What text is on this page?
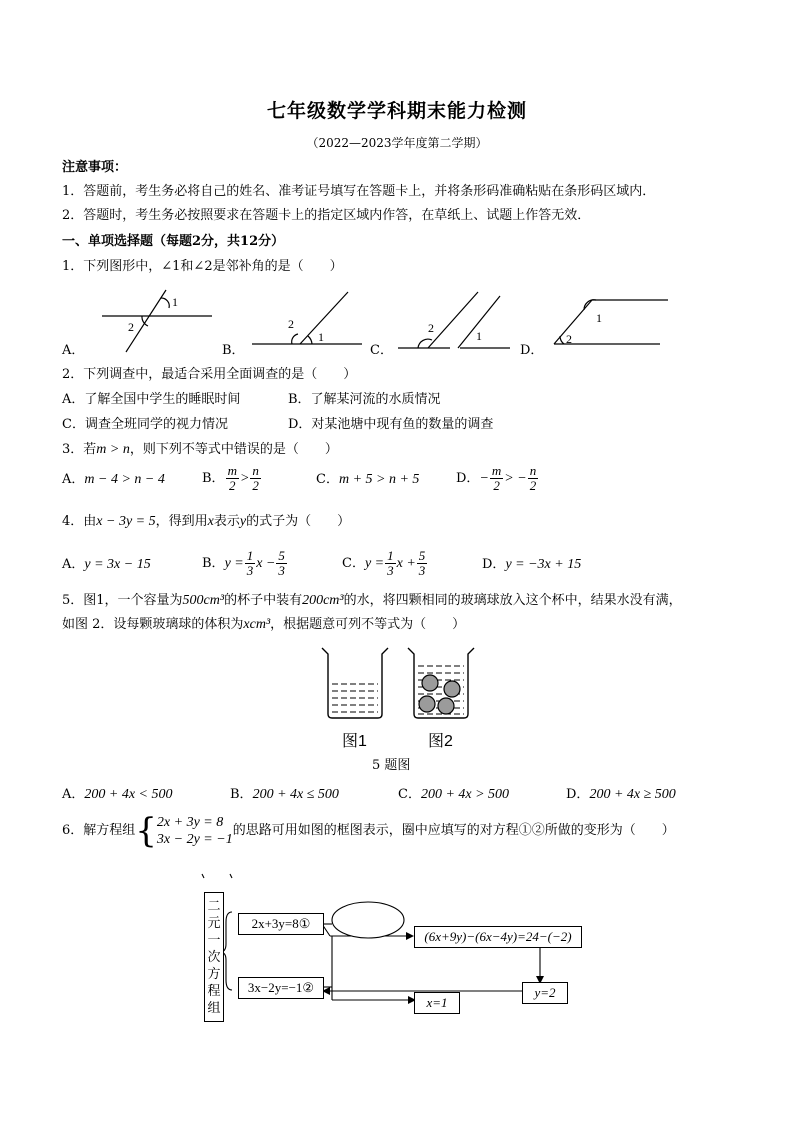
七年级数学学科期末能力检测
（2022—2023学年度第二学期）
注意事项：
1．答题前，考生务必将自己的姓名、准考证号填写在答题卡上，并将条形码准确粘贴在条形码区域内．
2．答题时，考生务必按照要求在答题卡上的指定区域内作答，在草纸上、试题上作答无效．
一、单项选择题（每题2分，共12分）
1．下列图形中，∠1和∠2是邻补角的是（　　）
1
2
1
2	2
1
1
2
A．	B．	C．	D．
2．下列调查中，最适合采用全面调查的是（　　）
A．了解全国中学生的睡眠时间	B．了解某河流的水质情况
C．调查全班同学的视力情况	D．对某池塘中现有鱼的数量的调查
3．若m > n，则下列不等式中错误的是（　　）
A．m − 4 > n − 4	B． $\frac{m}{2} > \frac{n}{2}$	C．m + 5 > n + 5	D． − $\frac{m}{2}$ > − $\frac{n}{2}$
4．由x − 3y = 5，得到用x表示y的式子为（　　）
A．y = 3x − 15	B． $y = \frac{1}{3}$ $x - \frac{5}{3}$	C． $y = \frac{1}{3}$ $x + \frac{5}{3}$	D．y = −3x + 15
5．图1，一个容量为500cm³的杯子中装有200cm³的水，将四颗相同的玻璃球放入这个杯中，结果水没有满，
如图 2．设每颗玻璃球的体积为xcm³，根据题意可列不等式为（　　）
图1	图2
5 题图
A．200 + 4x < 500	B．200 + 4x ≤ 500	C．200 + 4x > 500	D．200 + 4x ≥ 500
6．解方程组 { 2x + 3y = 8
3x − 2y = −1
的思路可用如图的框图表示，圈中应填写的对方程①②所做的变形为（　　）
二
元
一
次
方
程
组
2x+3y=8①
3x−2y=−1②
(6x+9y)−(6x−4y)=24−(−2)
y=2
x=1
